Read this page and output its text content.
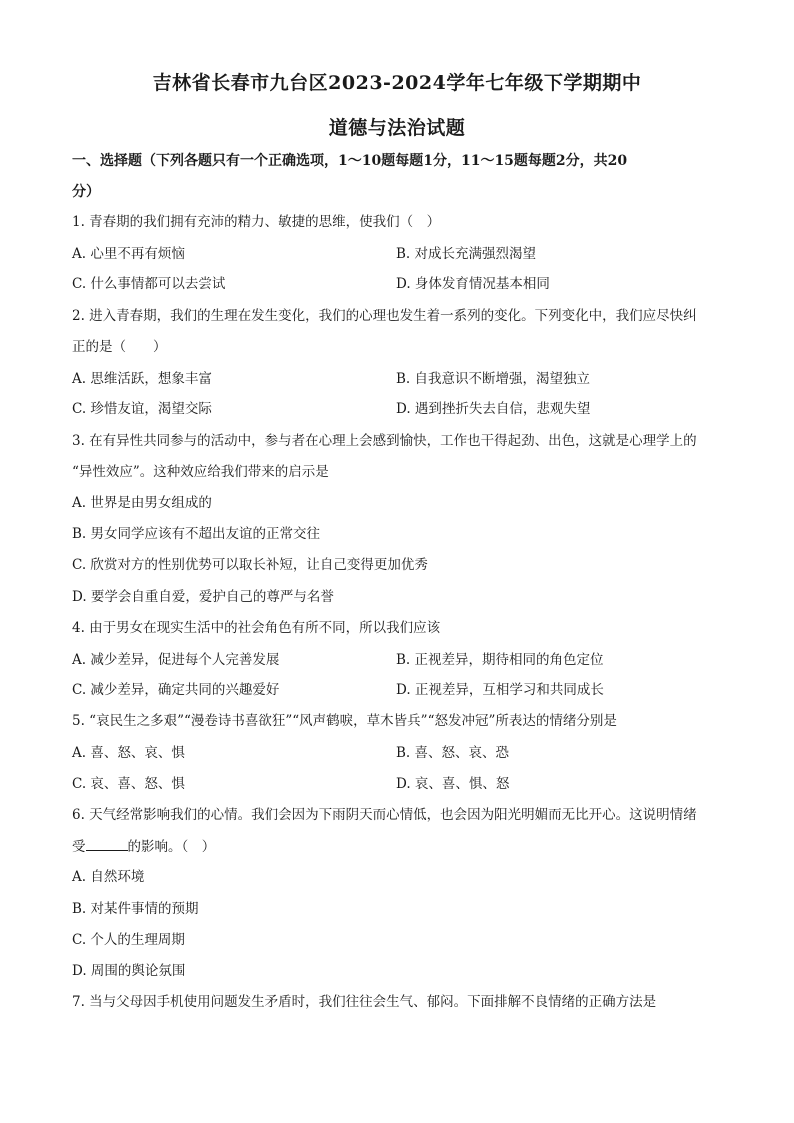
吉林省长春市九台区2023-2024学年七年级下学期期中
道德与法治试题
一、选择题（下列各题只有一个正确选项，1～10题每题1分，11～15题每题2分，共20
分）
1. 青春期的我们拥有充沛的精力、敏捷的思维，使我们（　）
A. 心里不再有烦恼	B. 对成长充满强烈渴望
C. 什么事情都可以去尝试	D. 身体发育情况基本相同
2. 进入青春期，我们的生理在发生变化，我们的心理也发生着一系列的变化。下列变化中，我们应尽快纠
正的是（　　）
A. 思维活跃，想象丰富	B. 自我意识不断增强，渴望独立
C. 珍惜友谊，渴望交际	D. 遇到挫折失去自信，悲观失望
3. 在有异性共同参与的活动中，参与者在心理上会感到愉快，工作也干得起劲、出色，这就是心理学上的
“异性效应”。这种效应给我们带来的启示是
A. 世界是由男女组成的
B. 男女同学应该有不超出友谊的正常交往
C. 欣赏对方的性别优势可以取长补短，让自己变得更加优秀
D. 要学会自重自爱，爱护自己的尊严与名誉
4. 由于男女在现实生活中的社会角色有所不同，所以我们应该
A. 减少差异，促进每个人完善发展	B. 正视差异，期待相同的角色定位
C. 减少差异，确定共同的兴趣爱好	D. 正视差异，互相学习和共同成长
5. “哀民生之多艰”“漫卷诗书喜欲狂”“风声鹤唳，草木皆兵”“怒发冲冠”所表达的情绪分别是
A. 喜、怒、哀、惧	B. 喜、怒、哀、恐
C. 哀、喜、怒、惧	D. 哀、喜、惧、怒
6. 天气经常影响我们的心情。我们会因为下雨阴天而心情低，也会因为阳光明媚而无比开心。这说明情绪
受	的影响。（　）
A. 自然环境
B. 对某件事情的预期
C. 个人的生理周期
D. 周围的舆论氛围
7. 当与父母因手机使用问题发生矛盾时，我们往往会生气、郁闷。下面排解不良情绪的正确方法是
